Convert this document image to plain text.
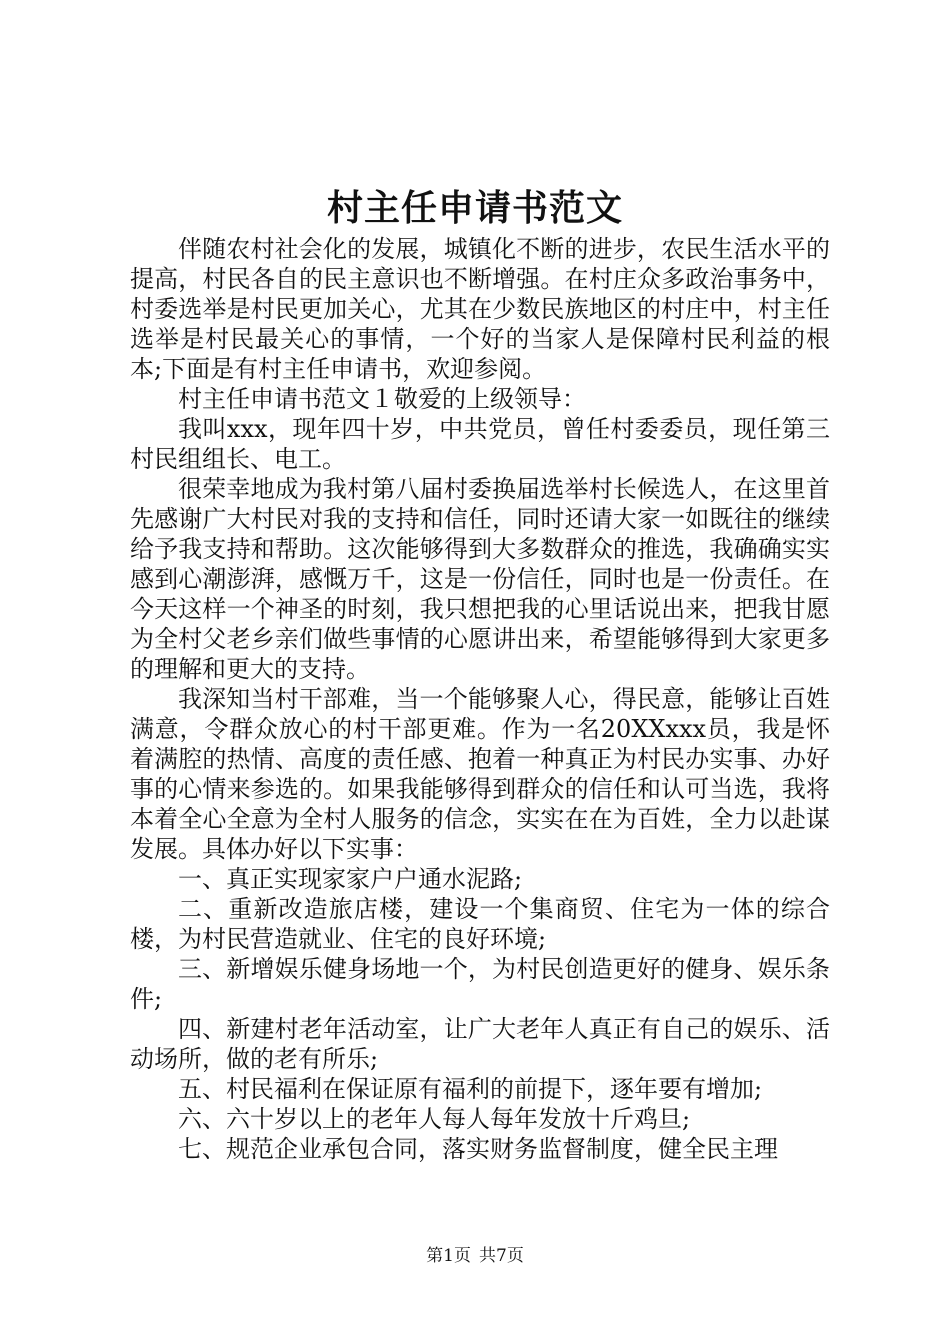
村主任申请书范文

伴随农村社会化的发展，城镇化不断的进步，农民生活水平的提高，村民各自的民主意识也不断增强。在村庄众多政治事务中，村委选举是村民更加关心，尤其在少数民族地区的村庄中，村主任选举是村民最关心的事情，一个好的当家人是保障村民利益的根本;下面是有村主任申请书，欢迎参阅。

村主任申请书范文１敬爱的上级领导：

我叫xxx，现年四十岁，中共党员，曾任村委委员，现任第三村民组组长、电工。

很荣幸地成为我村第八届村委换届选举村长候选人，在这里首先感谢广大村民对我的支持和信任，同时还请大家一如既往的继续给予我支持和帮助。这次能够得到大多数群众的推选，我确确实实感到心潮澎湃，感慨万千，这是一份信任，同时也是一份责任。在今天这样一个神圣的时刻，我只想把我的心里话说出来，把我甘愿为全村父老乡亲们做些事情的心愿讲出来，希望能够得到大家更多的理解和更大的支持。

我深知当村干部难，当一个能够聚人心，得民意，能够让百姓满意，令群众放心的村干部更难。作为一名20XXxxx员，我是怀着满腔的热情、高度的责任感、抱着一种真正为村民办实事、办好事的心情来参选的。如果我能够得到群众的信任和认可当选，我将本着全心全意为全村人服务的信念，实实在在为百姓，全力以赴谋发展。具体办好以下实事：

一、真正实现家家户户通水泥路;

二、重新改造旅店楼，建设一个集商贸、住宅为一体的综合楼，为村民营造就业、住宅的良好环境;

三、新增娱乐健身场地一个，为村民创造更好的健身、娱乐条件;

四、新建村老年活动室，让广大老年人真正有自己的娱乐、活动场所，做的老有所乐;

五、村民福利在保证原有福利的前提下，逐年要有增加;

六、六十岁以上的老年人每人每年发放十斤鸡旦;

七、规范企业承包合同，落实财务监督制度，健全民主理

第1页 共7页
